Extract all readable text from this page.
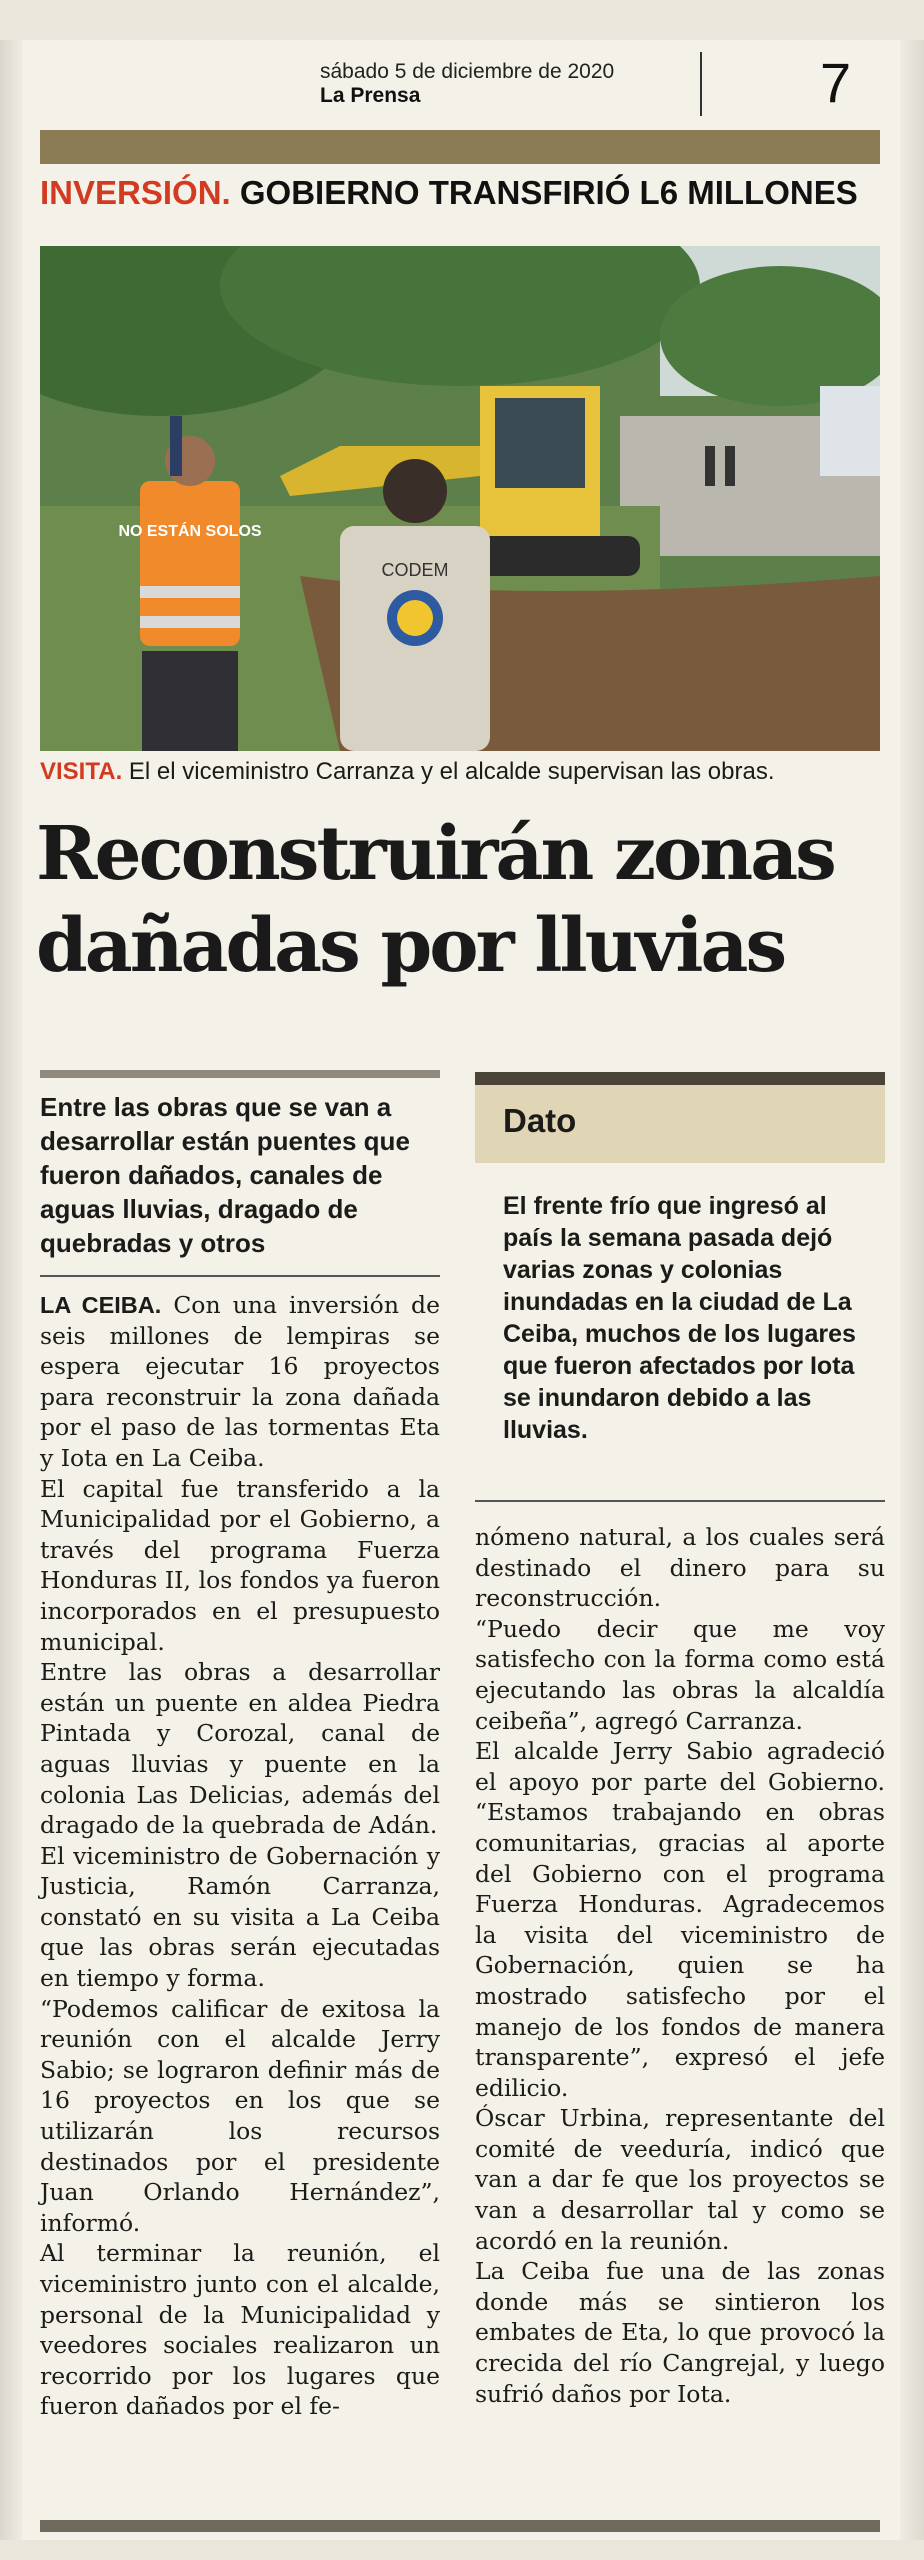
sábado 5 de diciembre de 2020
La Prensa	7
INVERSIÓN. GOBIERNO TRANSFIRIÓ L6 MILLONES
NO ESTÁN SOLOS
CODEM
VISITA. El el viceministro Carranza y el alcalde supervisan las obras.
Reconstruirán zonas
dañadas por lluvias
Entre las obras que se van a desarrollar están puentes que fueron dañados, canales de aguas lluvias, dragado de quebradas y otros
Dato
El frente frío que ingresó al país la semana pasada dejó varias zonas y colonias inundadas en la ciudad de La Ceiba, muchos de los lugares que fueron afectados por Iota se inundaron debido a las lluvias.

LA CEIBA. Con una inversión de seis millones de lempiras se espera ejecutar 16 proyectos para reconstruir la zona dañada por el paso de las tormentas Eta y Iota en La Ceiba.

El capital fue transferido a la Municipalidad por el Gobierno, a través del programa Fuerza Honduras II, los fondos ya fueron incorporados en el presupuesto municipal.

Entre las obras a desarrollar están un puente en aldea Piedra Pintada y Corozal, canal de aguas lluvias y puente en la colonia Las Delicias, además del dragado de la quebrada de Adán.

El viceministro de Gobernación y Justicia, Ramón Carranza, constató en su visita a La Ceiba que las obras serán ejecutadas en tiempo y forma.

“Podemos calificar de exitosa la reunión con el alcalde Jerry Sabio; se lograron definir más de 16 proyectos en los que se utilizarán los recursos destinados por el presidente Juan Orlando Hernández”, informó.

Al terminar la reunión, el viceministro junto con el alcalde, personal de la Municipalidad y veedores sociales realizaron un recorrido por los lugares que fueron dañados por el fe-

nómeno natural, a los cuales será destinado el dinero para su reconstrucción.

“Puedo decir que me voy satisfecho con la forma como está ejecutando las obras la alcaldía ceibeña”, agregó Carranza.

El alcalde Jerry Sabio agradeció el apoyo por parte del Gobierno. “Estamos trabajando en obras comunitarias, gracias al aporte del Gobierno con el programa Fuerza Honduras. Agradecemos la visita del viceministro de Gobernación, quien se ha mostrado satisfecho por el manejo de los fondos de manera transparente”, expresó el jefe edilicio.

Óscar Urbina, representante del comité de veeduría, indicó que van a dar fe que los proyectos se van a desarrollar tal y como se acordó en la reunión.

La Ceiba fue una de las zonas donde más se sintieron los embates de Eta, lo que provocó la crecida del río Cangrejal, y luego sufrió daños por Iota.
